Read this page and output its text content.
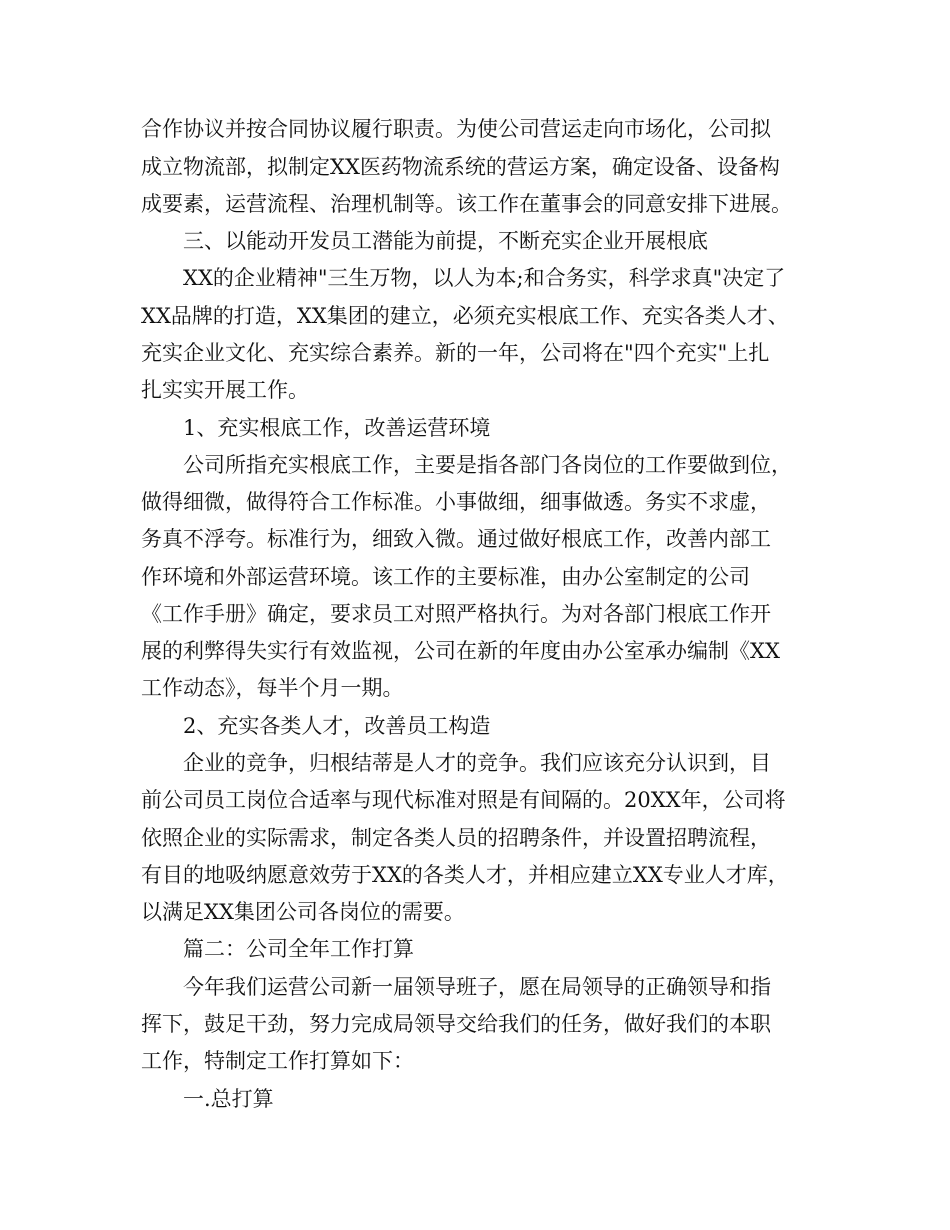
合作协议并按合同协议履行职责。为使公司营运走向市场化，公司拟

成立物流部，拟制定XX医药物流系统的营运方案，确定设备、设备构

成要素，运营流程、治理机制等。该工作在董事会的同意安排下进展。

三、以能动开发员工潜能为前提，不断充实企业开展根底

XX的企业精神"三生万物，以人为本;和合务实，科学求真"决定了

XX品牌的打造，XX集团的建立，必须充实根底工作、充实各类人才、

充实企业文化、充实综合素养。新的一年，公司将在"四个充实"上扎

扎实实开展工作。

1、充实根底工作，改善运营环境

公司所指充实根底工作，主要是指各部门各岗位的工作要做到位，

做得细微，做得符合工作标准。小事做细，细事做透。务实不求虚，

务真不浮夸。标准行为，细致入微。通过做好根底工作，改善内部工

作环境和外部运营环境。该工作的主要标准，由办公室制定的公司

《工作手册》确定，要求员工对照严格执行。为对各部门根底工作开

展的利弊得失实行有效监视，公司在新的年度由办公室承办编制《XX

工作动态》，每半个月一期。

2、充实各类人才，改善员工构造

企业的竞争，归根结蒂是人才的竞争。我们应该充分认识到，目

前公司员工岗位合适率与现代标准对照是有间隔的。20XX年，公司将

依照企业的实际需求，制定各类人员的招聘条件，并设置招聘流程，

有目的地吸纳愿意效劳于XX的各类人才，并相应建立XX专业人才库，

以满足XX集团公司各岗位的需要。

篇二：公司全年工作打算

今年我们运营公司新一届领导班子，愿在局领导的正确领导和指

挥下，鼓足干劲，努力完成局领导交给我们的任务，做好我们的本职

工作，特制定工作打算如下：

一.总打算
